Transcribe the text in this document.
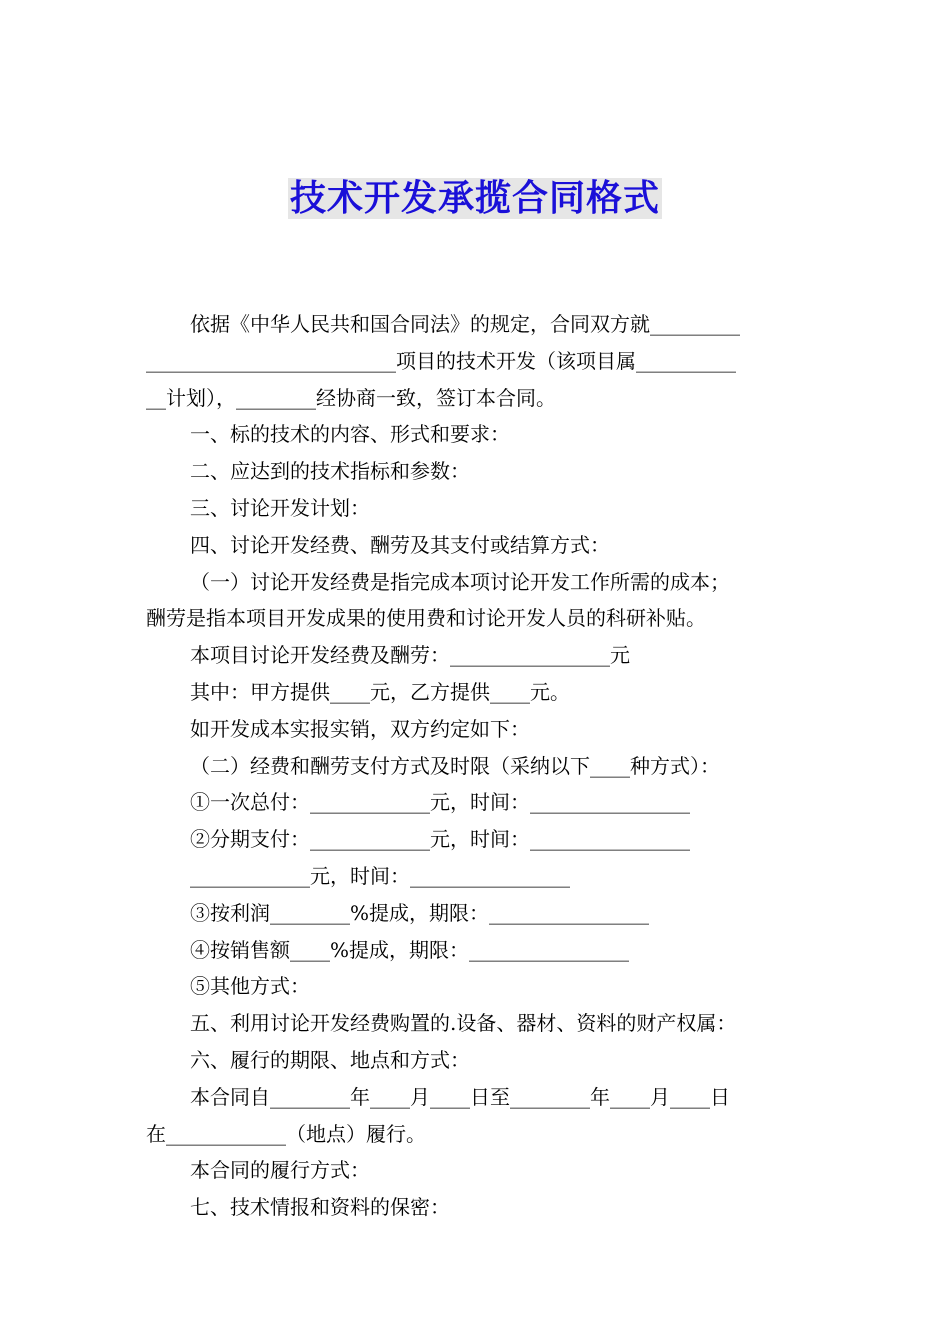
技术开发承揽合同格式

依据《中华人民共和国合同法》的规定，合同双方就_________

_________________________项目的技术开发（该项目属__________

__计划），________经协商一致，签订本合同。

一、标的技术的内容、形式和要求：

二、应达到的技术指标和参数：

三、讨论开发计划：

四、讨论开发经费、酬劳及其支付或结算方式：

（一）讨论开发经费是指完成本项讨论开发工作所需的成本；

酬劳是指本项目开发成果的使用费和讨论开发人员的科研补贴。

本项目讨论开发经费及酬劳：________________元

其中：甲方提供____元，乙方提供____元。

如开发成本实报实销，双方约定如下：

（二）经费和酬劳支付方式及时限（采纳以下____种方式）：

①一次总付：____________元，时间：________________

②分期支付：____________元，时间：________________

____________元，时间：________________

③按利润________%提成，期限：________________

④按销售额____%提成，期限：________________

⑤其他方式：

五、利用讨论开发经费购置的.设备、器材、资料的财产权属：

六、履行的期限、地点和方式：

本合同自________年____月____日至________年____月____日

在____________（地点）履行。

本合同的履行方式：

七、技术情报和资料的保密：
